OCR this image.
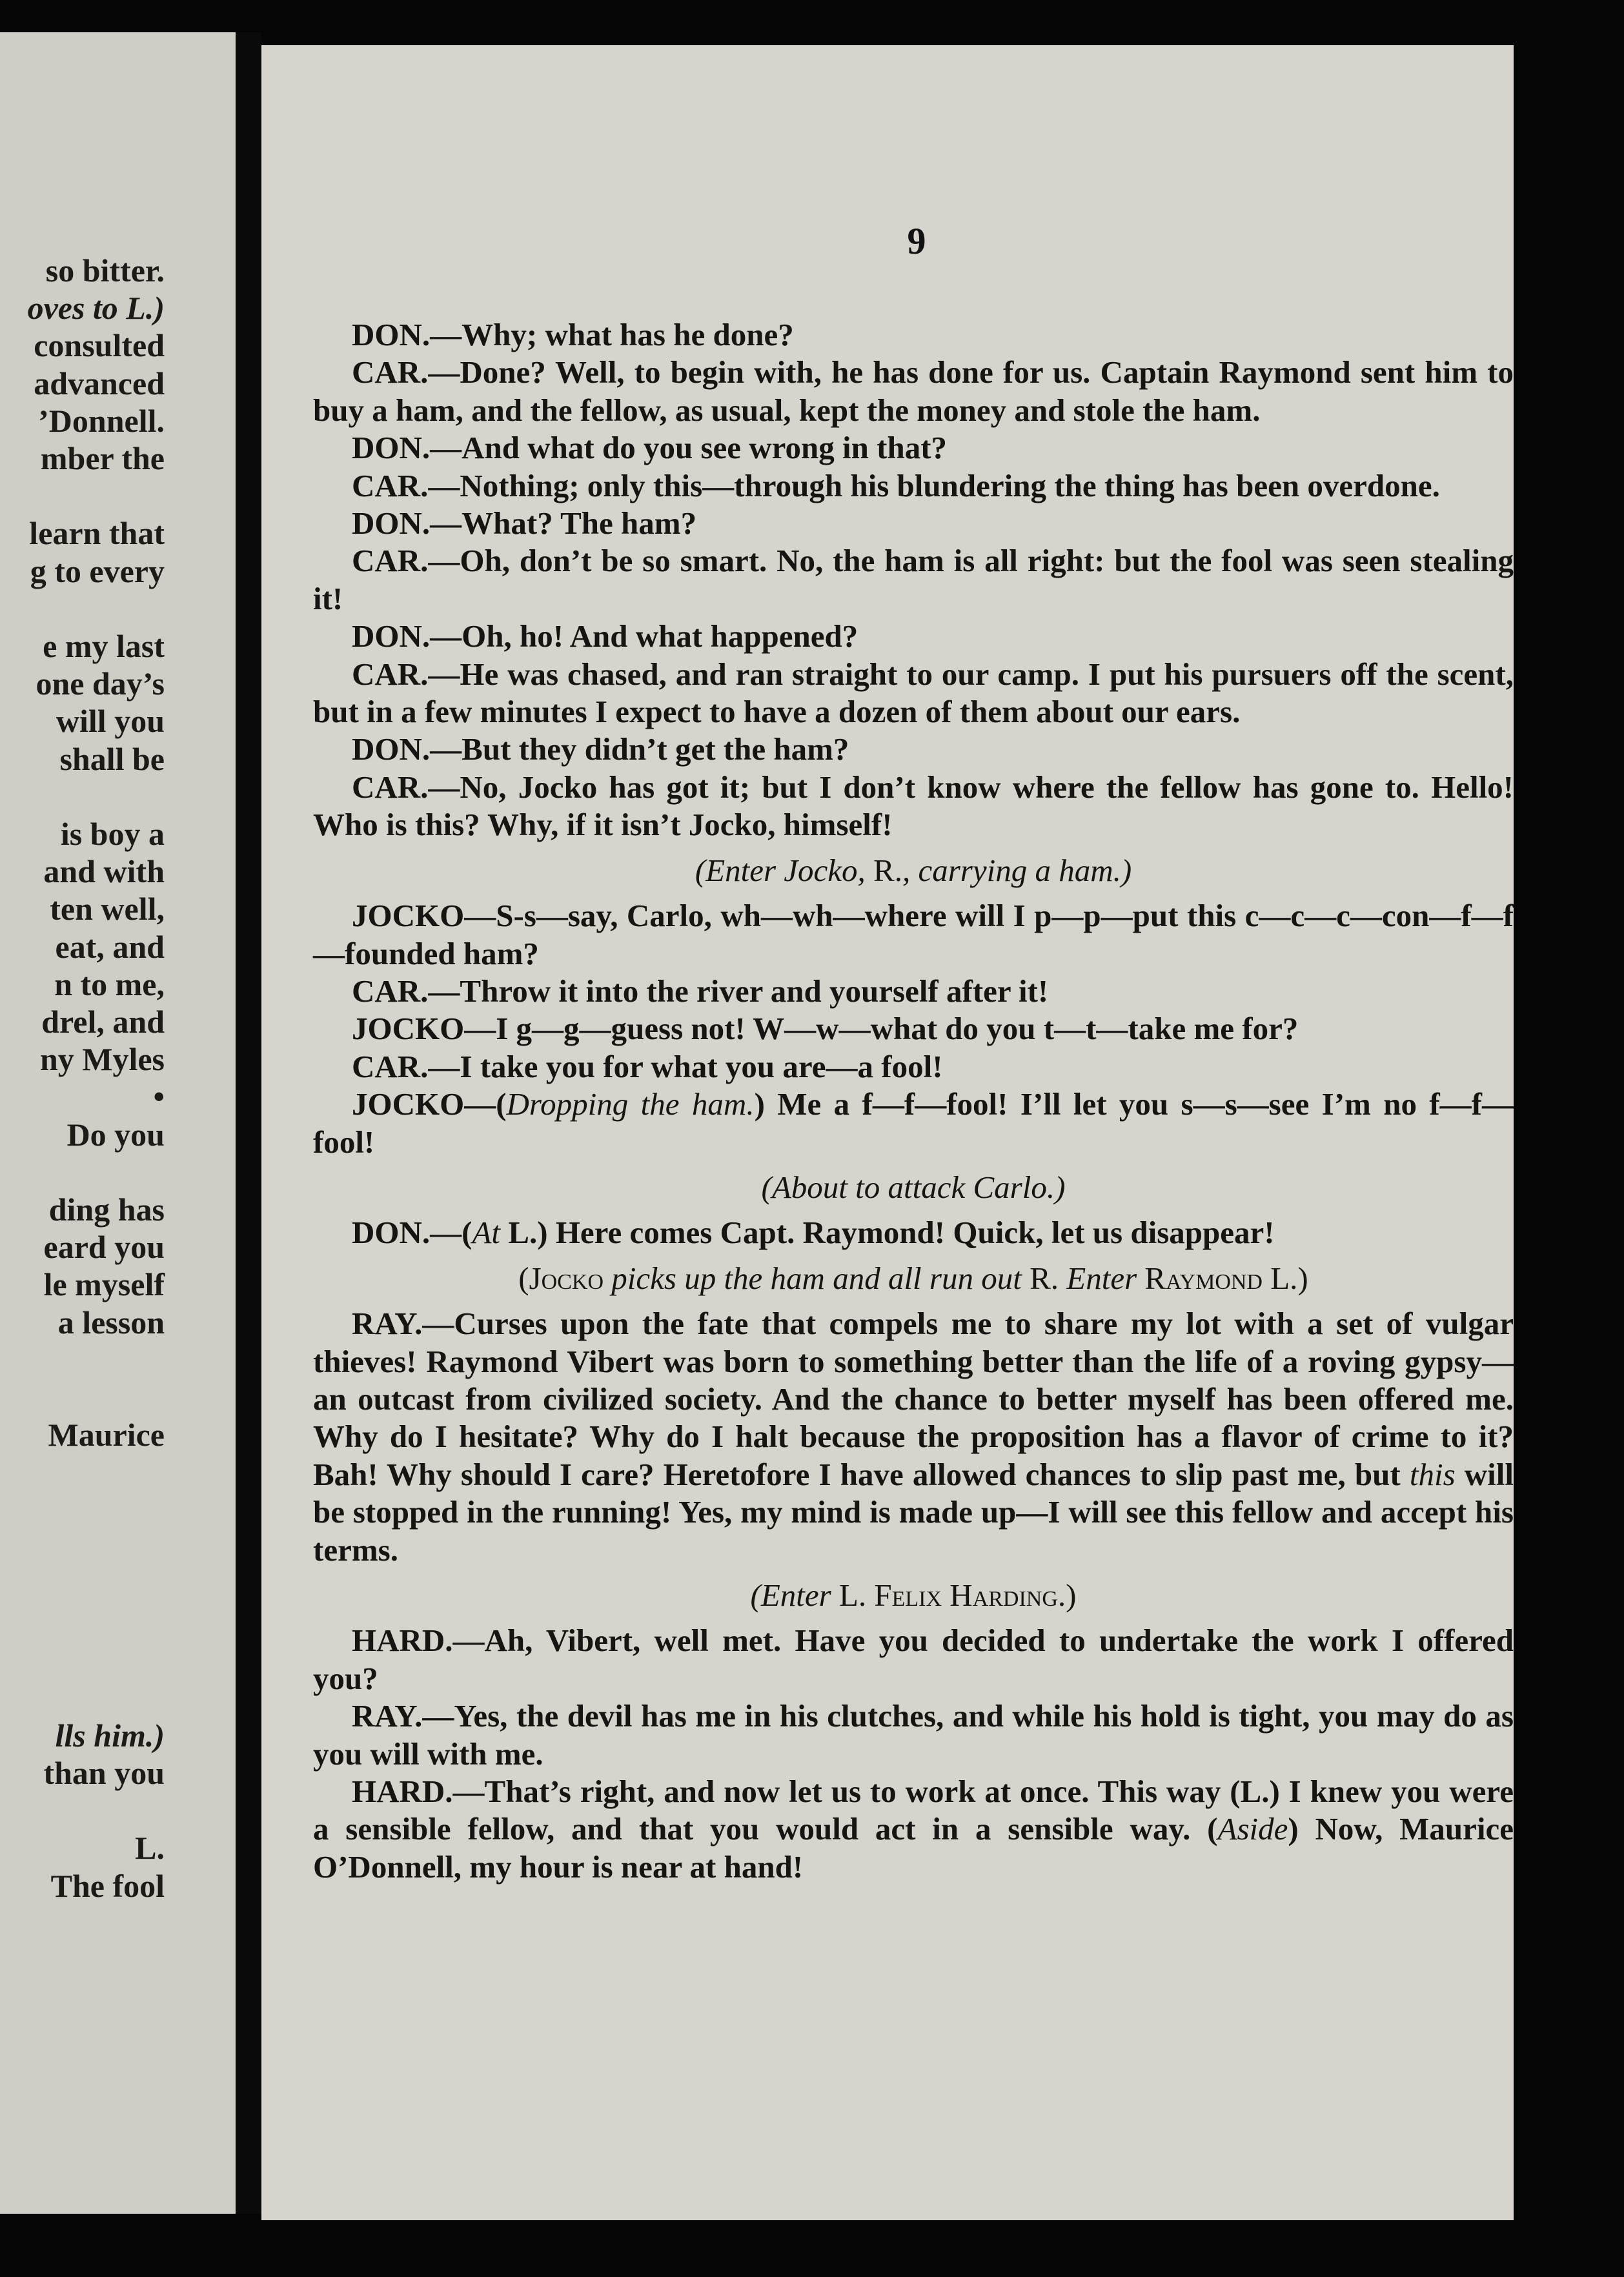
so bitter.
oves to L.)
consulted
advanced
’Donnell.
mber the
learn that
g to every
e my last
one day’s
will you
shall be
is boy a
and with
ten well,
eat, and
n to me,
drel, and
ny Myles
•
Do you
ding has
eard you
le myself
a lesson
Maurice
lls him.)
than you
L.
The fool
9

DON.—Why; what has he done?

CAR.—Done? Well, to begin with, he has done for us. Captain Raymond sent him to buy a ham, and the fellow, as usual, kept the money and stole the ham.

DON.—And what do you see wrong in that?

CAR.—Nothing; only this—through his blundering the thing has been overdone.

DON.—What? The ham?

CAR.—Oh, don’t be so smart. No, the ham is all right: but the fool was seen stealing it!

DON.—Oh, ho! And what happened?

CAR.—He was chased, and ran straight to our camp. I put his pursuers off the scent, but in a few minutes I expect to have a dozen of them about our ears.

DON.—But they didn’t get the ham?

CAR.—No, Jocko has got it; but I don’t know where the fellow has gone to. Hello! Who is this? Why, if it isn’t Jocko, himself!

(Enter Jocko, R., carrying a ham.)

JOCKO—S-s—say, Carlo, wh—wh—where will I p—p—put this c—c—c—con—f—f—founded ham?

CAR.—Throw it into the river and yourself after it!

JOCKO—I g—g—guess not! W—w—what do you t—t—take me for?

CAR.—I take you for what you are—a fool!

JOCKO—(Dropping the ham.) Me a f—f—fool! I’ll let you s—s—see I’m no f—f—fool!

(About to attack Carlo.)

DON.—(At L.) Here comes Capt. Raymond! Quick, let us disappear!

(Jocko picks up the ham and all run out R. Enter Raymond L.)

RAY.—Curses upon the fate that compels me to share my lot with a set of vulgar thieves! Raymond Vibert was born to something better than the life of a roving gypsy—an outcast from civilized society. And the chance to better myself has been offered me. Why do I hesitate? Why do I halt because the proposition has a flavor of crime to it? Bah! Why should I care? Heretofore I have allowed chances to slip past me, but this will be stopped in the running! Yes, my mind is made up—I will see this fellow and accept his terms.

(Enter L. Felix Harding.)

HARD.—Ah, Vibert, well met. Have you decided to undertake the work I offered you?

RAY.—Yes, the devil has me in his clutches, and while his hold is tight, you may do as you will with me.

HARD.—That’s right, and now let us to work at once. This way (L.) I knew you were a sensible fellow, and that you would act in a sensible way. (Aside) Now, Maurice O’Donnell, my hour is near at hand!
